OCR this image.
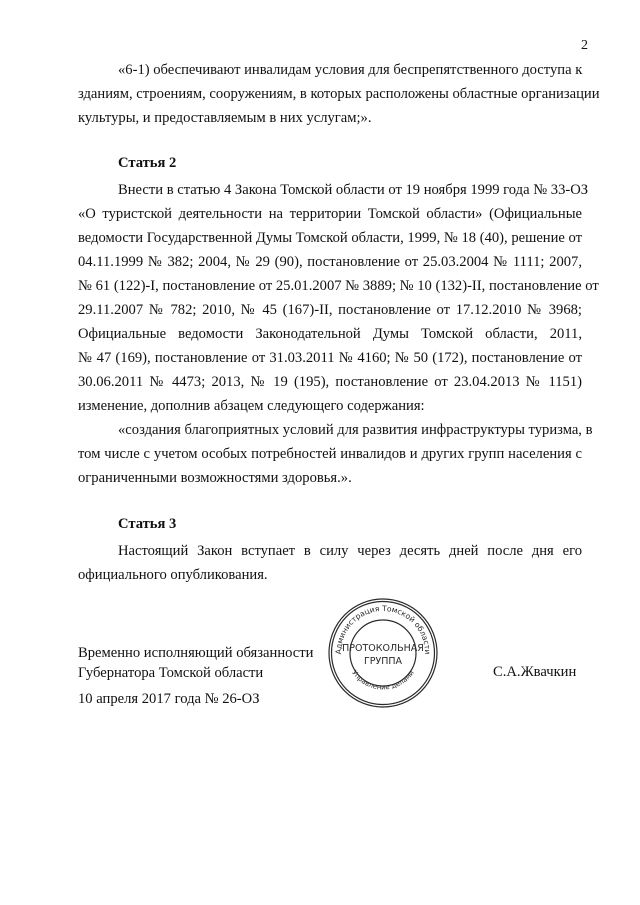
2
«6-1) обеспечивают инвалидам условия для беспрепятственного доступа к
зданиям, строениям, сооружениям, в которых расположены областные организации
культуры, и предоставляемым в них услугам;».
Статья 2
Внести в статью 4 Закона Томской области от 19 ноября 1999 года № 33-ОЗ
«О туристской деятельности на территории Томской области» (Официальные
ведомости Государственной Думы Томской области, 1999, № 18 (40), решение от
04.11.1999 № 382; 2004, № 29 (90), постановление от 25.03.2004 № 1111; 2007,
№ 61 (122)-I, постановление от 25.01.2007 № 3889; № 10 (132)-II, постановление от
29.11.2007 № 782; 2010, № 45 (167)-II, постановление от 17.12.2010 № 3968;
Официальные ведомости Законодательной Думы Томской области, 2011,
№ 47 (169), постановление от 31.03.2011 № 4160; № 50 (172), постановление от
30.06.2011 № 4473; 2013, № 19 (195), постановление от 23.04.2013 № 1151)
изменение, дополнив абзацем следующего содержания:
«создания благоприятных условий для развития инфраструктуры туризма, в
том числе с учетом особых потребностей инвалидов и других групп населения с
ограниченными возможностями здоровья.».
Статья 3
Настоящий Закон вступает в силу через десять дней после дня его
официального опубликования.
Временно исполняющий обязанности
Губернатора Томской области	С.А.Жвачкин
10 апреля 2017 года № 26-ОЗ
Администрация Томской области
Управление делами
ПРОТОКОЛЬНАЯ
ГРУППА
